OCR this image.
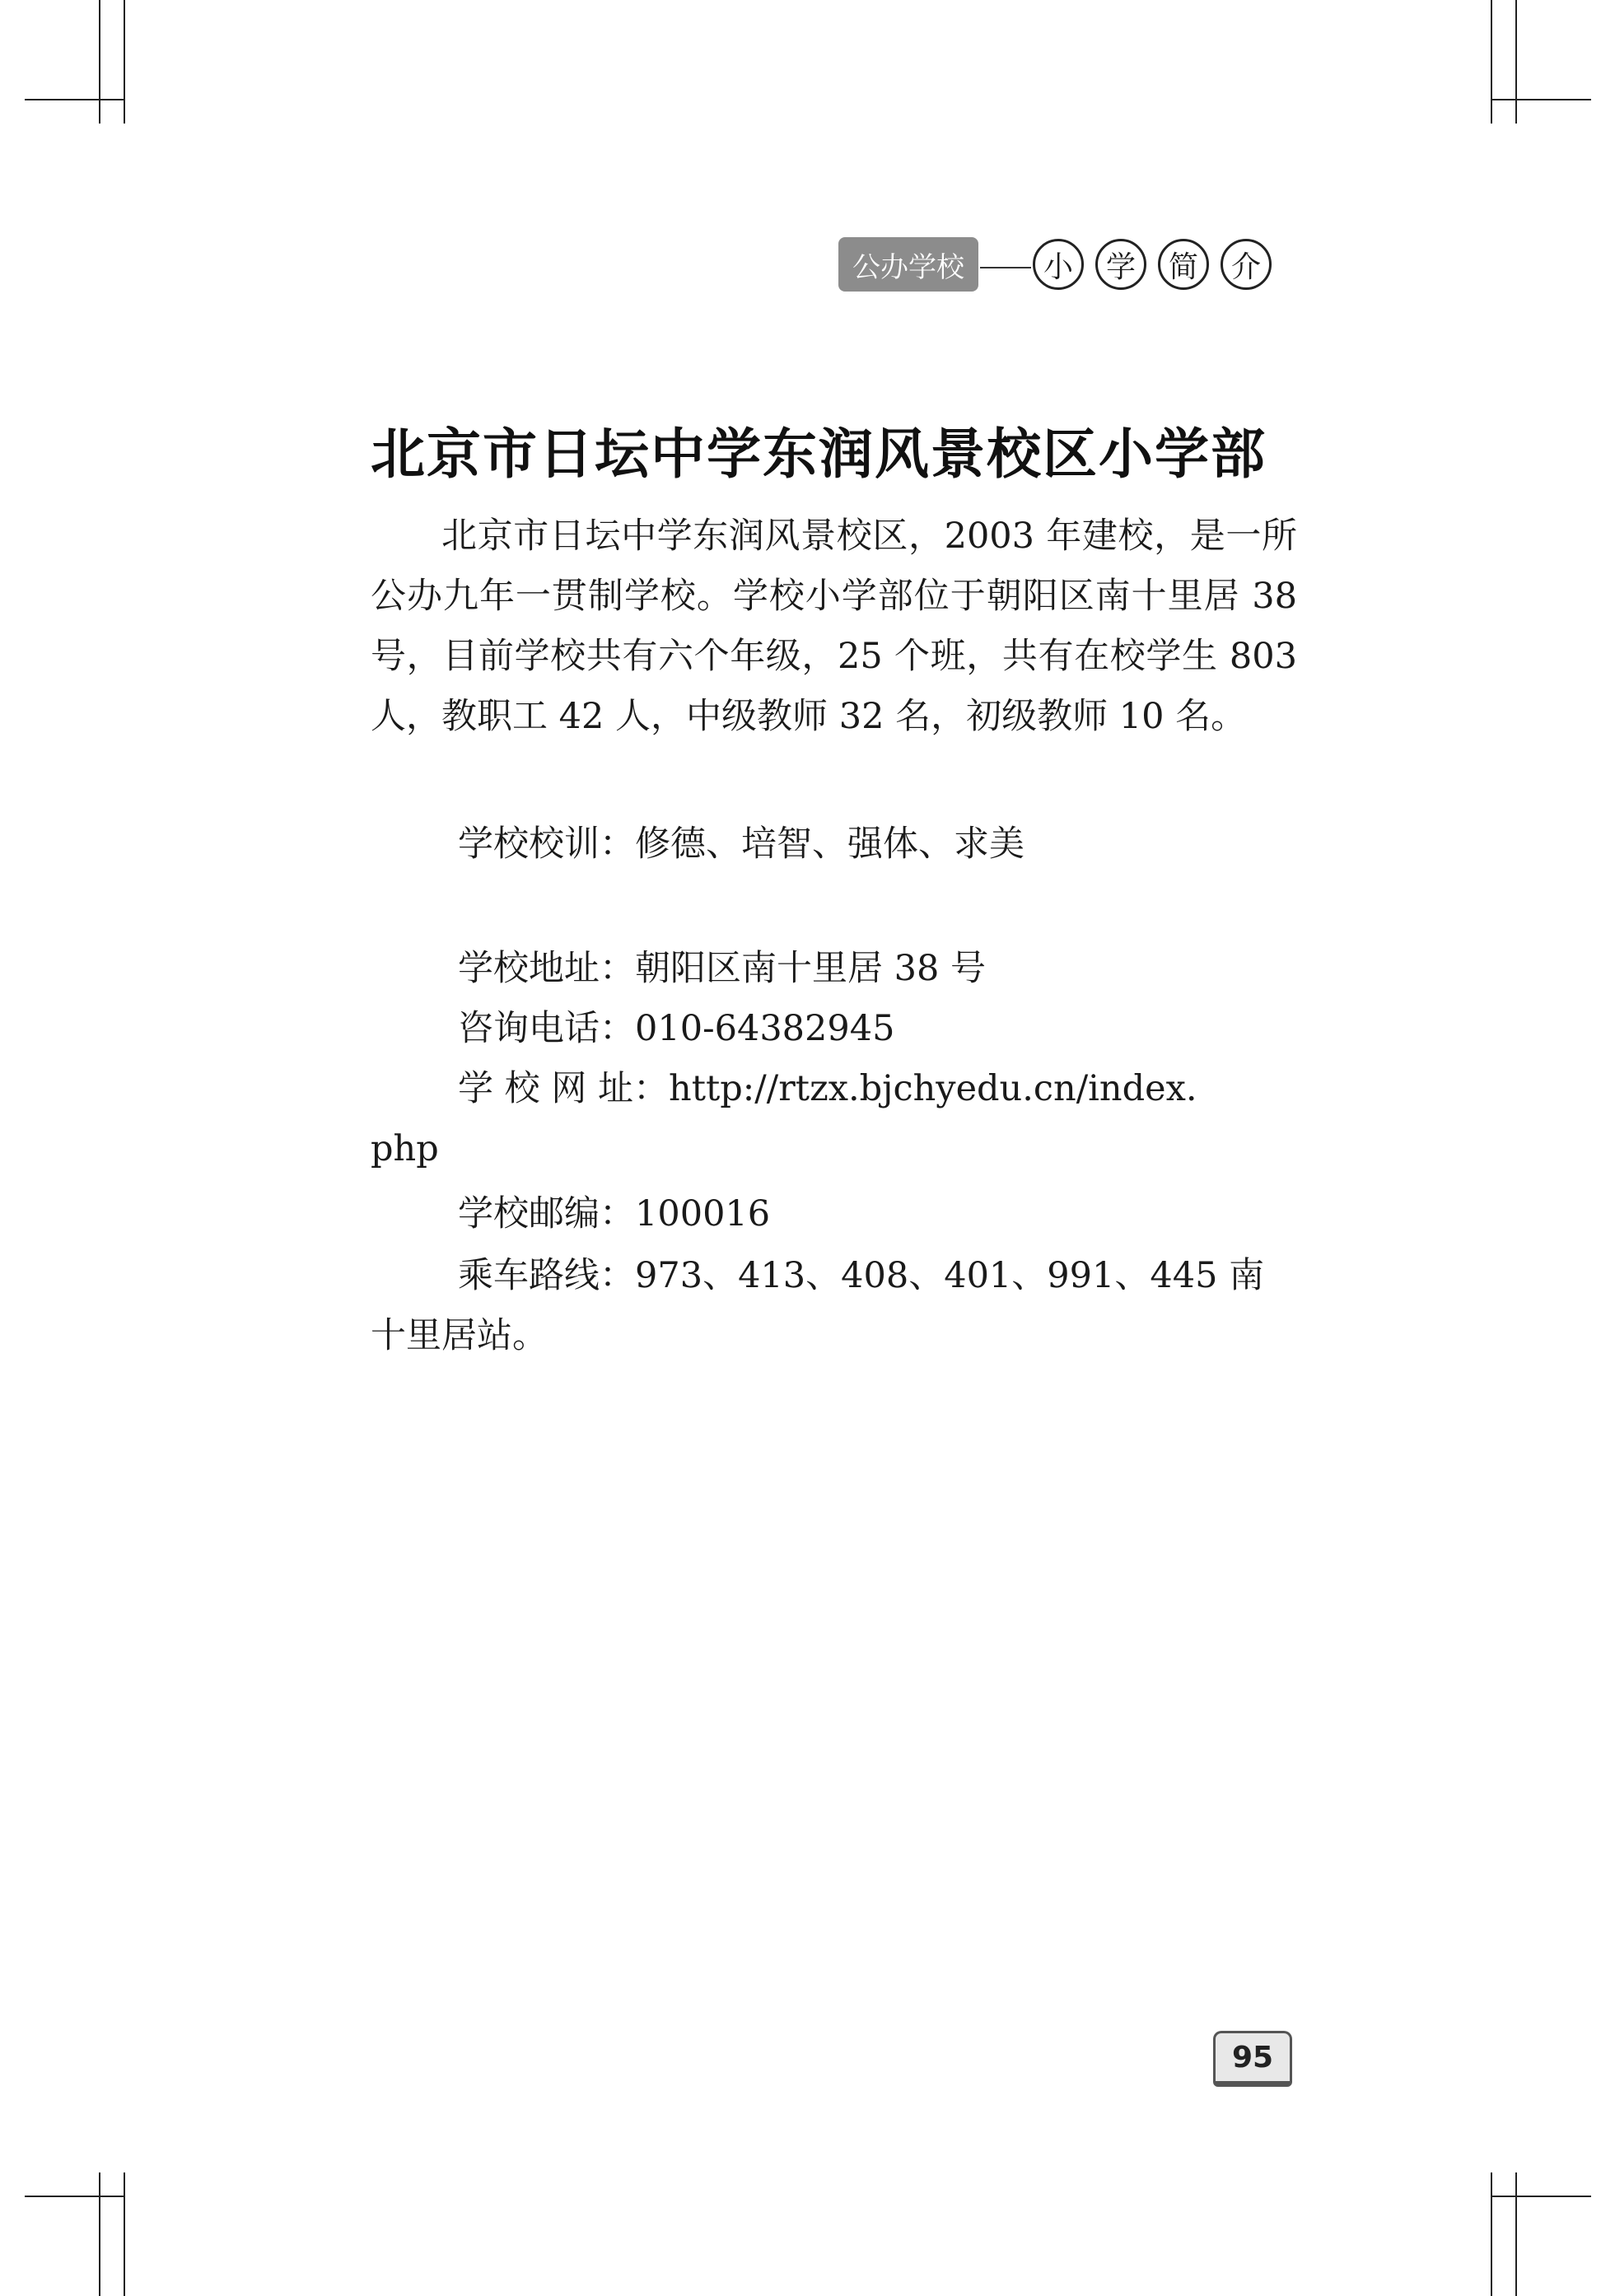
公办学校	小	学	简	介
北京市日坛中学东润风景校区小学部

北京市日坛中学东润风景校区，2003 年建校，是一所公办九年一贯制学校。学校小学部位于朝阳区南十里居 38 号，目前学校共有六个年级，25 个班，共有在校学生 803 人，教职工 42 人，中级教师 32 名，初级教师 10 名。

学校校训：修德、培智、强体、求美

学校地址：朝阳区南十里居 38 号

咨询电话：010-64382945

学 校 网 址：http://rtzx.bjchyedu.cn/index.

php

学校邮编：100016

乘车路线：973、413、408、401、991、445 南

十里居站。

95
